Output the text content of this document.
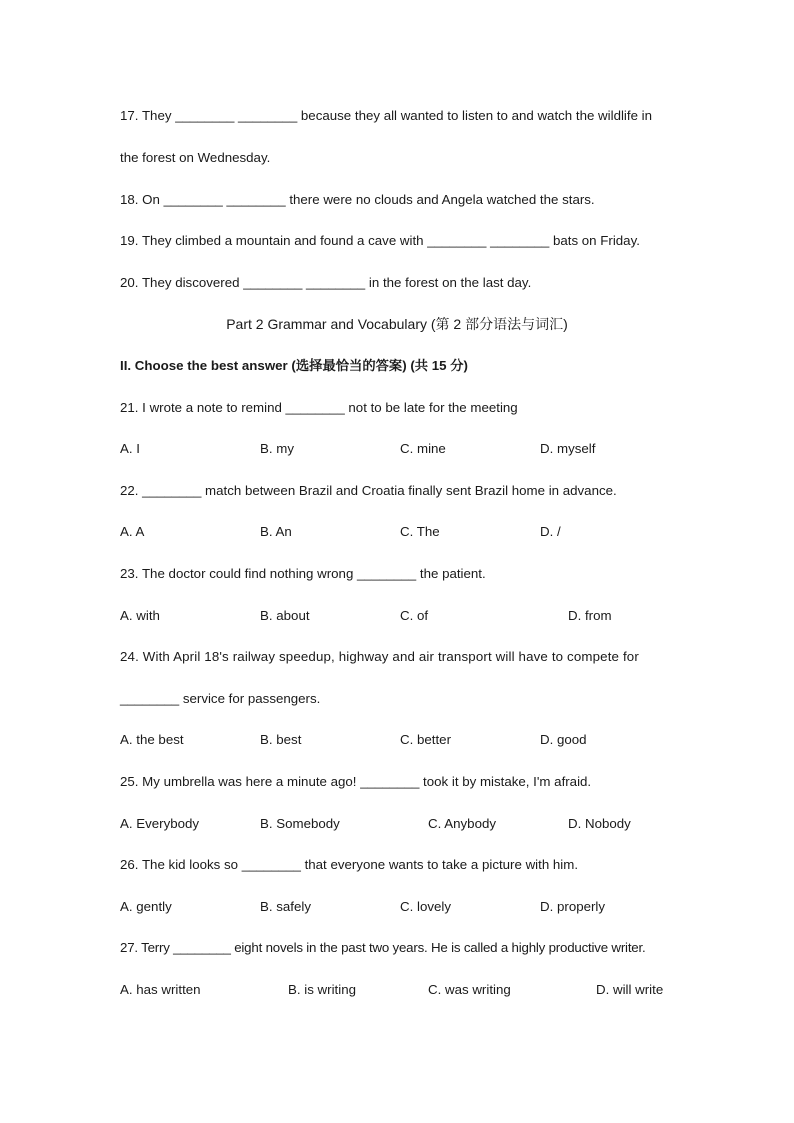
17. They ________ ________ because they all wanted to listen to and watch the wildlife in
the forest on Wednesday.
18. On ________ ________ there were no clouds and Angela watched the stars.
19. They climbed a mountain and found a cave with ________ ________ bats on Friday.
20. They discovered ________ ________ in the forest on the last day.
Part 2 Grammar and Vocabulary (第 2 部分语法与词汇)
II. Choose the best answer (选择最恰当的答案) (共 15 分)
21. I wrote a note to remind ________ not to be late for the meeting
A. I	B. my	C. mine	D. myself
22. ________ match between Brazil and Croatia finally sent Brazil home in advance.
A. A	B. An	C. The	D. /
23. The doctor could find nothing wrong ________ the patient.
A. with	B. about	C. of	D. from
24. With April 18's railway speedup, highway and air transport will have to compete for
________ service for passengers.
A. the best	B. best	C. better	D. good
25. My umbrella was here a minute ago! ________ took it by mistake, I'm afraid.
A. Everybody	B. Somebody	C. Anybody	D. Nobody
26. The kid looks so ________ that everyone wants to take a picture with him.
A. gently	B. safely	C. lovely	D. properly
27. Terry ________ eight novels in the past two years. He is called a highly productive writer.
A. has written	B. is writing	C. was writing	D. will write
